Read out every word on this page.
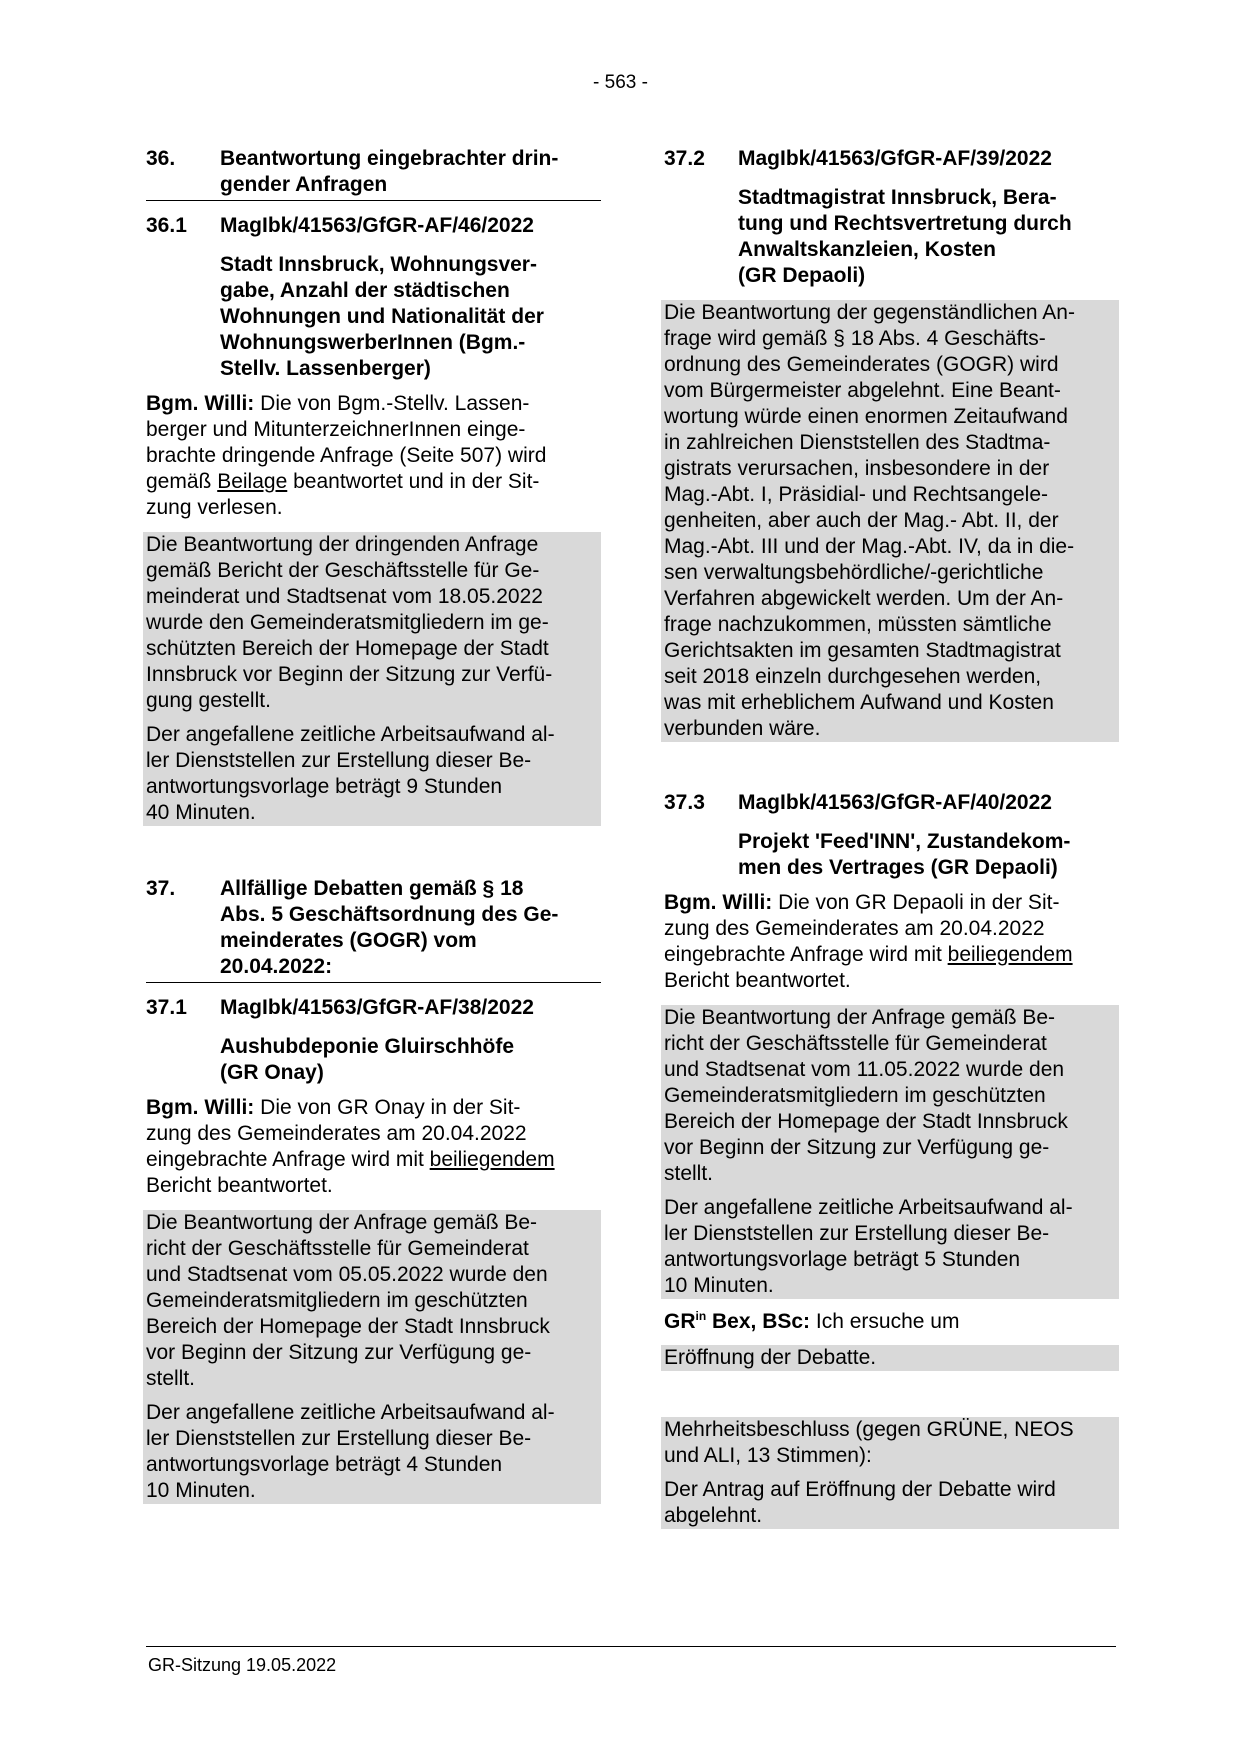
- 563 -
36.	Beantwortung eingebrachter drin-
gender Anfragen
36.1	MagIbk/41563/GfGR-AF/46/2022
Stadt Innsbruck, Wohnungsver-
gabe, Anzahl der städtischen
Wohnungen und Nationalität der
WohnungswerberInnen (Bgm.-
Stellv. Lassenberger)
Bgm. Willi: Die von Bgm.-Stellv. Lassen-
berger und MitunterzeichnerInnen einge-
brachte dringende Anfrage (Seite 507) wird
gemäß Beilage beantwortet und in der Sit-
zung verlesen.
Die Beantwortung der dringenden Anfrage
gemäß Bericht der Geschäftsstelle für Ge-
meinderat und Stadtsenat vom 18.05.2022
wurde den Gemeinderatsmitgliedern im ge-
schützten Bereich der Homepage der Stadt
Innsbruck vor Beginn der Sitzung zur Verfü-
gung gestellt.
Der angefallene zeitliche Arbeitsaufwand al-
ler Dienststellen zur Erstellung dieser Be-
antwortungsvorlage beträgt 9 Stunden
40 Minuten.
37.	Allfällige Debatten gemäß § 18
Abs. 5 Geschäftsordnung des Ge-
meinderates (GOGR) vom
20.04.2022:
37.1	MagIbk/41563/GfGR-AF/38/2022
Aushubdeponie Gluirschhöfe
(GR Onay)
Bgm. Willi: Die von GR Onay in der Sit-
zung des Gemeinderates am 20.04.2022
eingebrachte Anfrage wird mit beiliegendem
Bericht beantwortet.
Die Beantwortung der Anfrage gemäß Be-
richt der Geschäftsstelle für Gemeinderat
und Stadtsenat vom 05.05.2022 wurde den
Gemeinderatsmitgliedern im geschützten
Bereich der Homepage der Stadt Innsbruck
vor Beginn der Sitzung zur Verfügung ge-
stellt.
Der angefallene zeitliche Arbeitsaufwand al-
ler Dienststellen zur Erstellung dieser Be-
antwortungsvorlage beträgt 4 Stunden
10 Minuten.
37.2	MagIbk/41563/GfGR-AF/39/2022
Stadtmagistrat Innsbruck, Bera-
tung und Rechtsvertretung durch
Anwaltskanzleien, Kosten
(GR Depaoli)
Die Beantwortung der gegenständlichen An-
frage wird gemäß § 18 Abs. 4 Geschäfts-
ordnung des Gemeinderates (GOGR) wird
vom Bürgermeister abgelehnt. Eine Beant-
wortung würde einen enormen Zeitaufwand
in zahlreichen Dienststellen des Stadtma-
gistrats verursachen, insbesondere in der
Mag.-Abt. I, Präsidial- und Rechtsangele-
genheiten, aber auch der Mag.- Abt. II, der
Mag.-Abt. III und der Mag.-Abt. IV, da in die-
sen verwaltungsbehördliche/-gerichtliche
Verfahren abgewickelt werden. Um der An-
frage nachzukommen, müssten sämtliche
Gerichtsakten im gesamten Stadtmagistrat
seit 2018 einzeln durchgesehen werden,
was mit erheblichem Aufwand und Kosten
verbunden wäre.
37.3	MagIbk/41563/GfGR-AF/40/2022
Projekt 'Feed'INN', Zustandekom-
men des Vertrages (GR Depaoli)
Bgm. Willi: Die von GR Depaoli in der Sit-
zung des Gemeinderates am 20.04.2022
eingebrachte Anfrage wird mit beiliegendem
Bericht beantwortet.
Die Beantwortung der Anfrage gemäß Be-
richt der Geschäftsstelle für Gemeinderat
und Stadtsenat vom 11.05.2022 wurde den
Gemeinderatsmitgliedern im geschützten
Bereich der Homepage der Stadt Innsbruck
vor Beginn der Sitzung zur Verfügung ge-
stellt.
Der angefallene zeitliche Arbeitsaufwand al-
ler Dienststellen zur Erstellung dieser Be-
antwortungsvorlage beträgt 5 Stunden
10 Minuten.
$GR^{in}$ Bex, BSc: Ich ersuche um
Eröffnung der Debatte.
Mehrheitsbeschluss (gegen GRÜNE, NEOS
und ALI, 13 Stimmen):
Der Antrag auf Eröffnung der Debatte wird
abgelehnt.
GR-Sitzung 19.05.2022
